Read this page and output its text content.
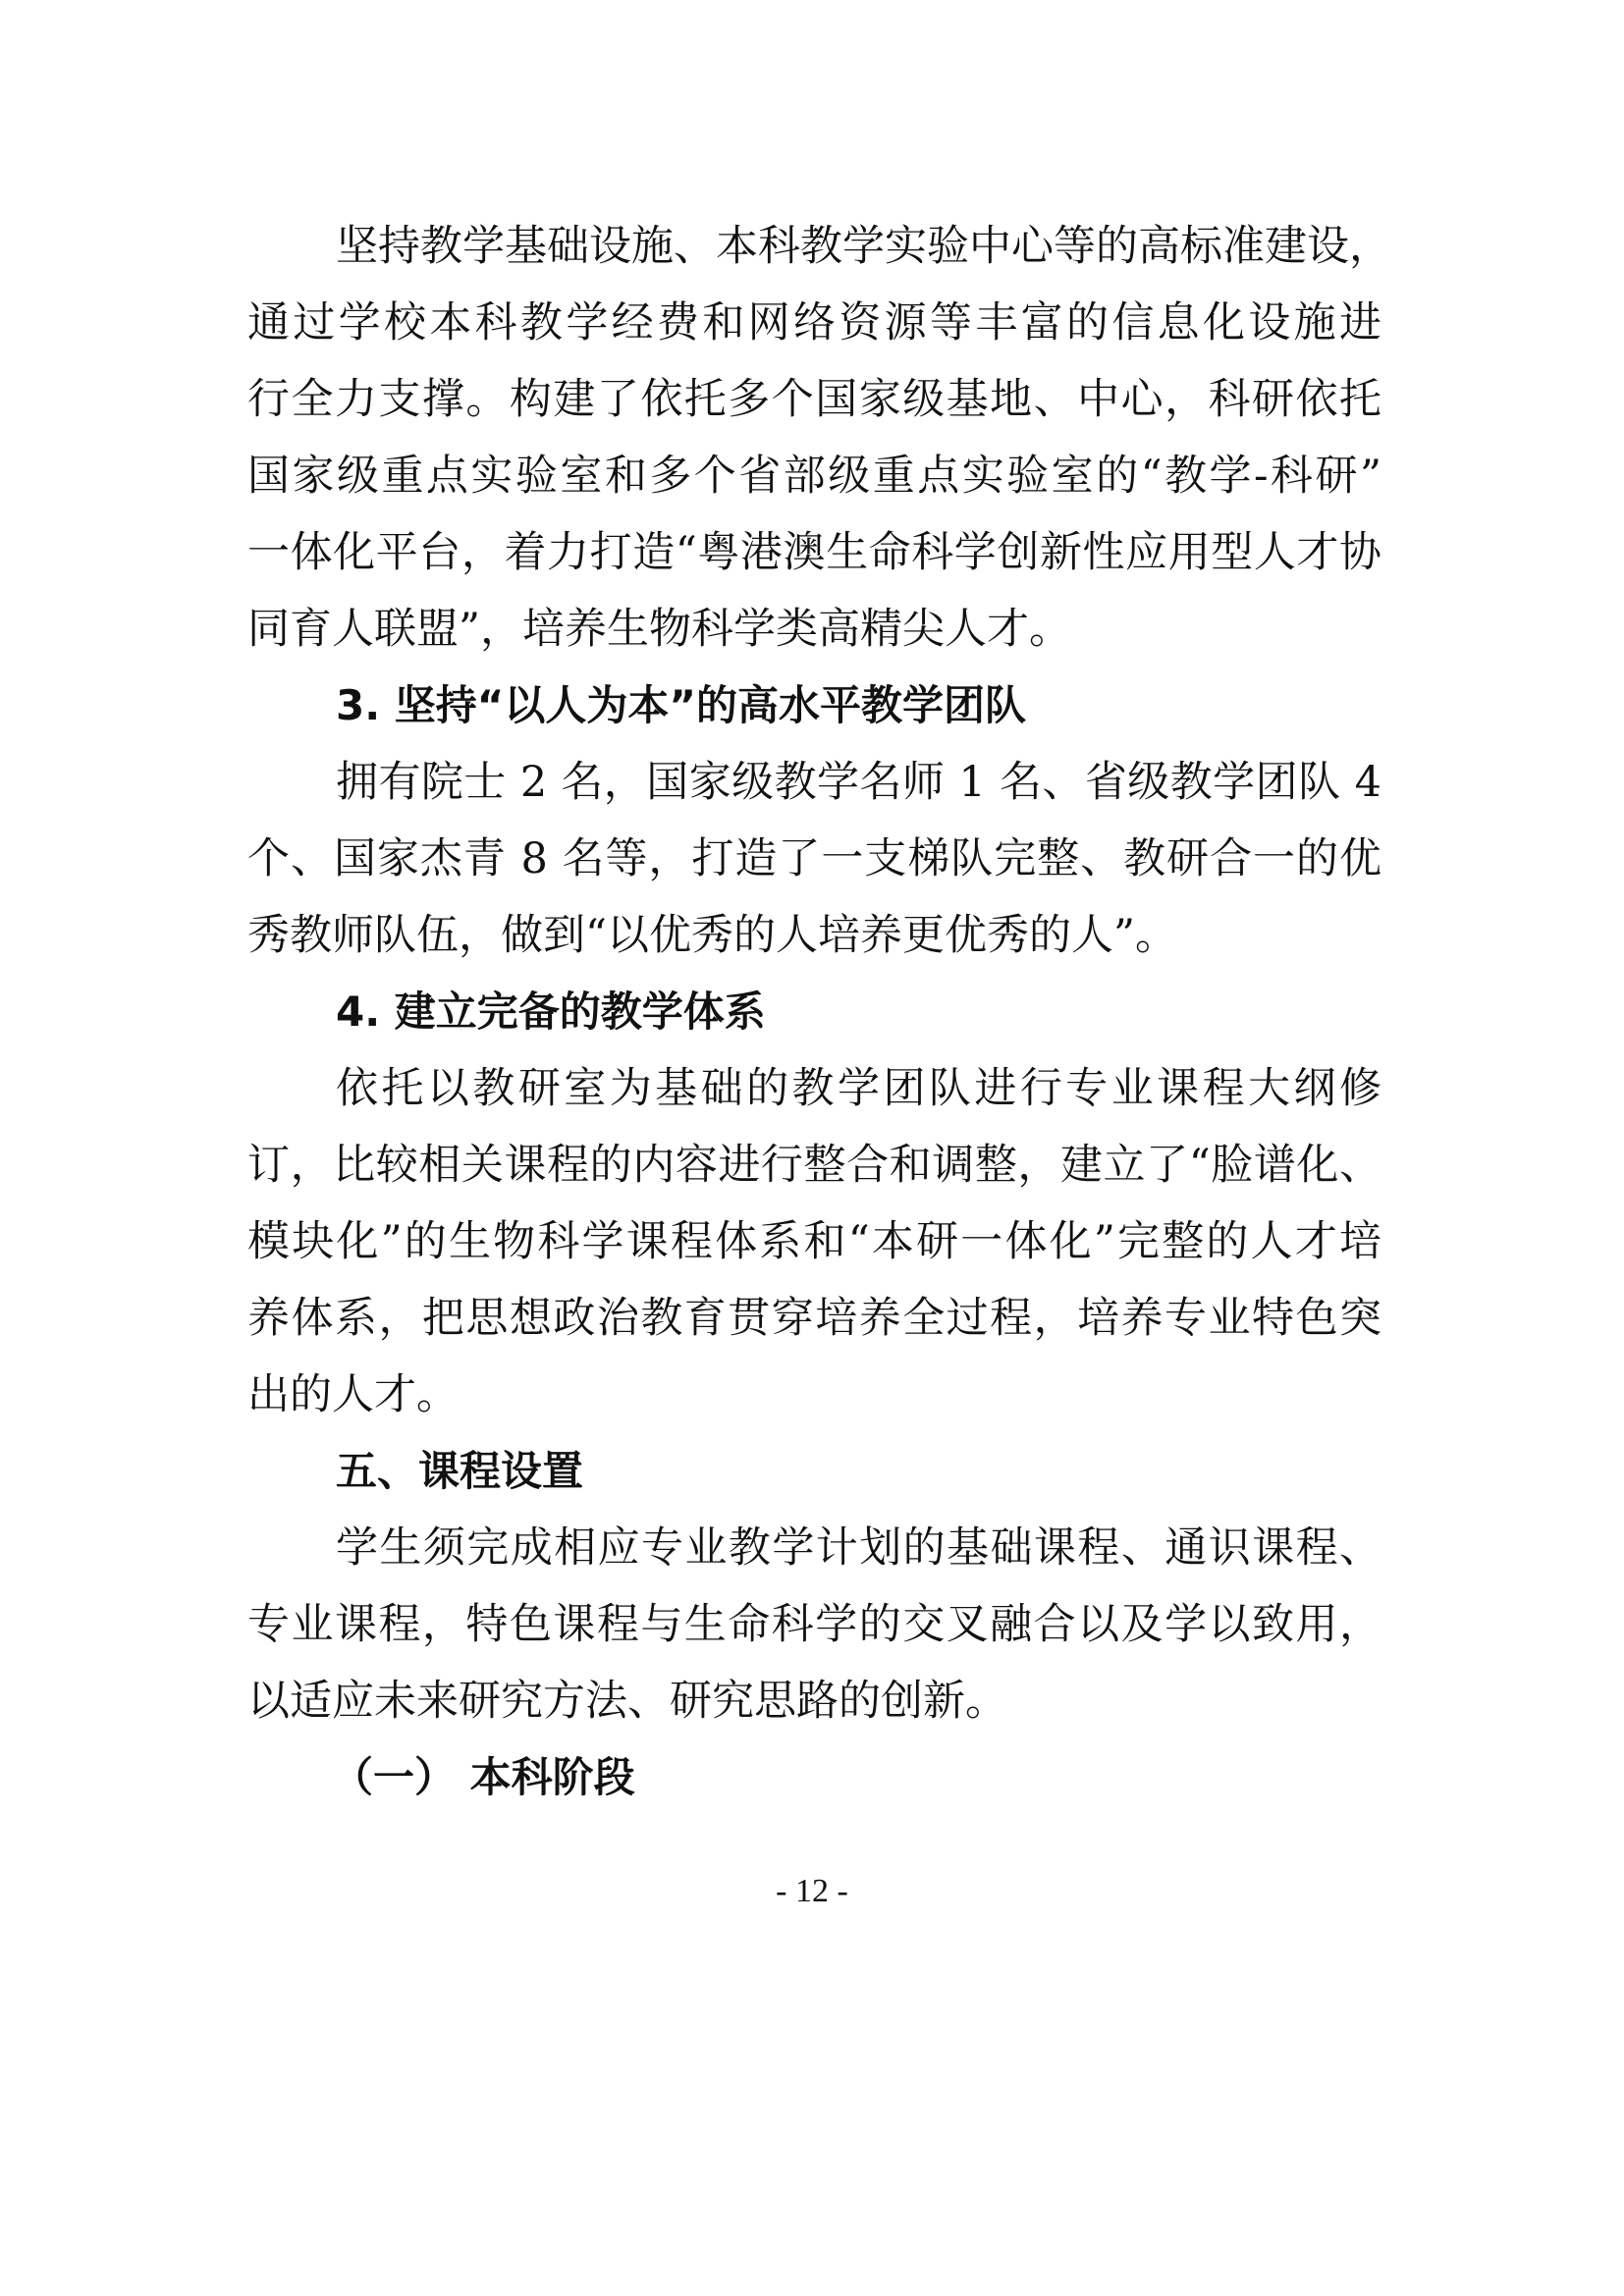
坚持教学基础设施、本科教学实验中心等的高标准建设，
通过学校本科教学经费和网络资源等丰富的信息化设施进
行全力支撑。构建了依托多个国家级基地、中心，科研依托
国家级重点实验室和多个省部级重点实验室的“教学-科研”
一体化平台，着力打造“粤港澳生命科学创新性应用型人才协
同育人联盟”，培养生物科学类高精尖人才。
3. 坚持“以人为本”的高水平教学团队
拥有院士 2 名，国家级教学名师 1 名、省级教学团队 4
个、国家杰青 8 名等，打造了一支梯队完整、教研合一的优
秀教师队伍，做到“以优秀的人培养更优秀的人”。
4. 建立完备的教学体系
依托以教研室为基础的教学团队进行专业课程大纲修
订，比较相关课程的内容进行整合和调整，建立了“脸谱化、
模块化”的生物科学课程体系和“本研一体化”完整的人才培
养体系，把思想政治教育贯穿培养全过程，培养专业特色突
出的人才。
五、课程设置
学生须完成相应专业教学计划的基础课程、通识课程、
专业课程，特色课程与生命科学的交叉融合以及学以致用，
以适应未来研究方法、研究思路的创新。
（一） 本科阶段
- 12 -
